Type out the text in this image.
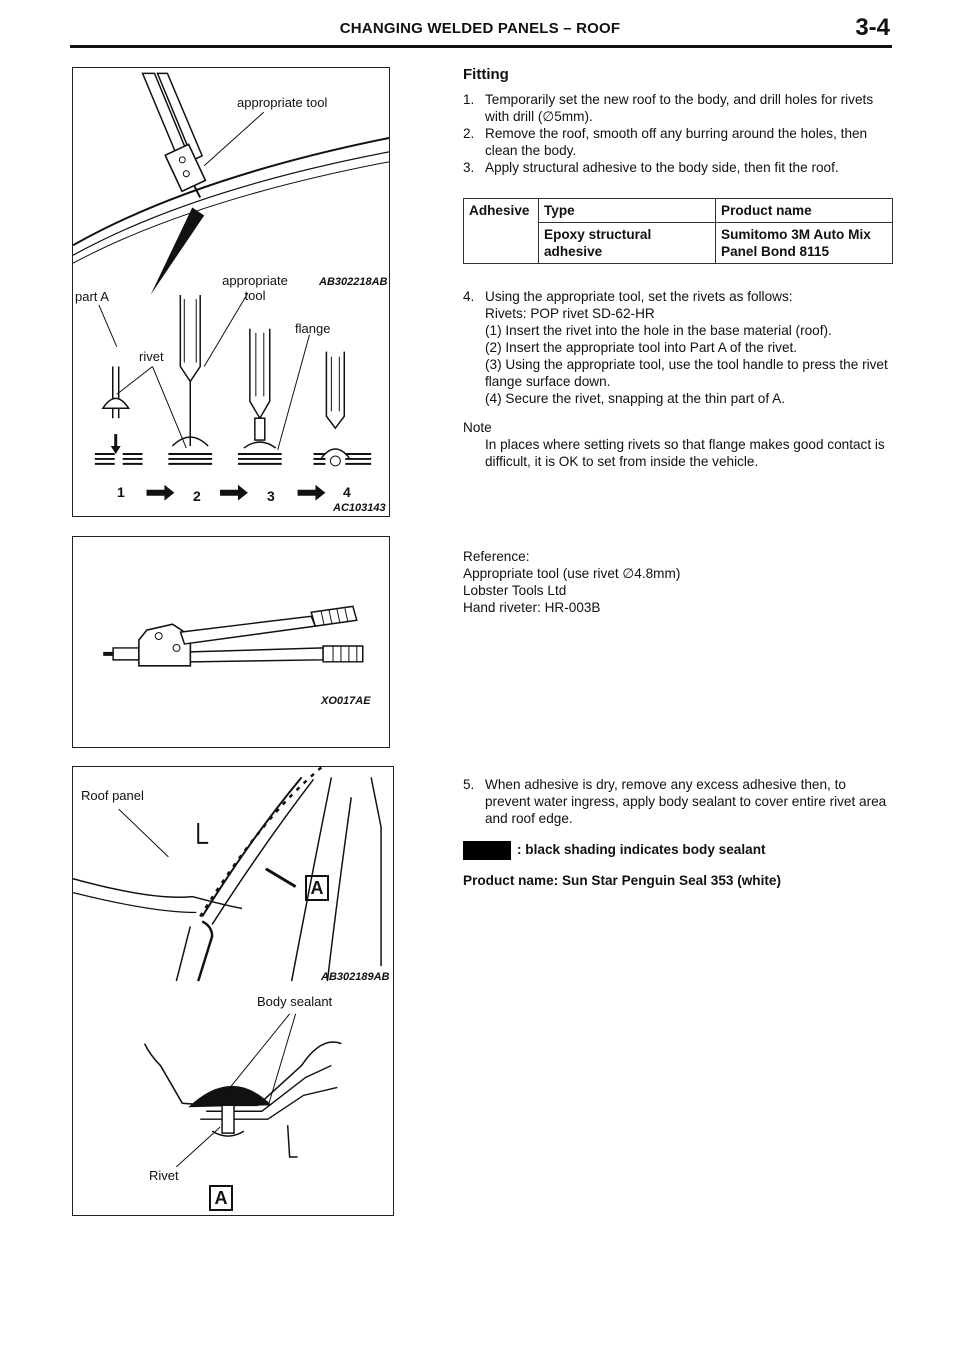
CHANGING WELDED PANELS – ROOF	3-4
appropriate tool
AB302218AB
part A
appropriate
tool
flange
rivet
1	2	3	4
AC103143
XO017AE
Roof panel
A
AB302189AB
Body sealant
Rivet
A
Fitting
1. Temporarily set the new roof to the body, and drill holes for rivets with drill (∅5mm).
2. Remove the roof, smooth off any burring around the holes, then clean the body.
3. Apply structural adhesive to the body side, then fit the roof.
Adhesive	Type	Product name
	Epoxy structural adhesive	Sumitomo 3M Auto Mix Panel Bond 8115
4. Using the appropriate tool, set the rivets as follows:
Rivets: POP rivet SD-62-HR
(1) Insert the rivet into the hole in the base material (roof).
(2) Insert the appropriate tool into Part A of the rivet.
(3) Using the appropriate tool, use the tool handle to press the rivet flange surface down.
(4) Secure the rivet, snapping at the thin part of A.
Note
In places where setting rivets so that flange makes good contact is difficult, it is OK to set from inside the vehicle.
Reference:
Appropriate tool (use rivet ∅4.8mm)
Lobster Tools Ltd
Hand riveter: HR-003B
5. When adhesive is dry, remove any excess adhesive then, to prevent water ingress, apply body sealant to cover entire rivet area and roof edge.
: black shading indicates body sealant
Product name: Sun Star Penguin Seal 353 (white)
